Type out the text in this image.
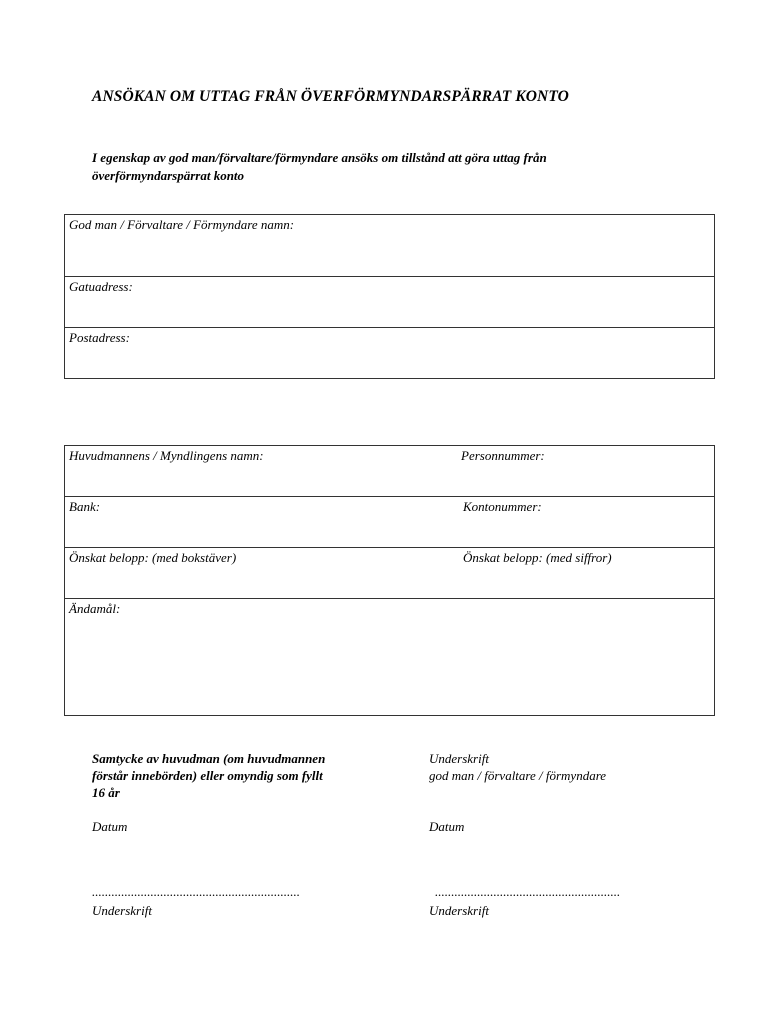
ANSÖKAN OM UTTAG FRÅN ÖVERFÖRMYNDARSPÄRRAT KONTO
I egenskap av god man/förvaltare/förmyndare ansöks om tillstånd att göra uttag från
överförmyndarspärrat konto
God man / Förvaltare / Förmyndare namn:
Gatuadress:
Postadress:
Huvudmannens / Myndlingens namn:	Personnummer:
Bank:	Kontonummer:
Önskat belopp: (med bokstäver)	Önskat belopp: (med siffror)
Ändamål:
Samtycke av huvudman (om huvudmannen
förstår innebörden) eller omyndig som fyllt
16 år
Underskrift
god man / förvaltare / förmyndare
Datum	Datum
................................................................	.........................................................
Underskrift	Underskrift
